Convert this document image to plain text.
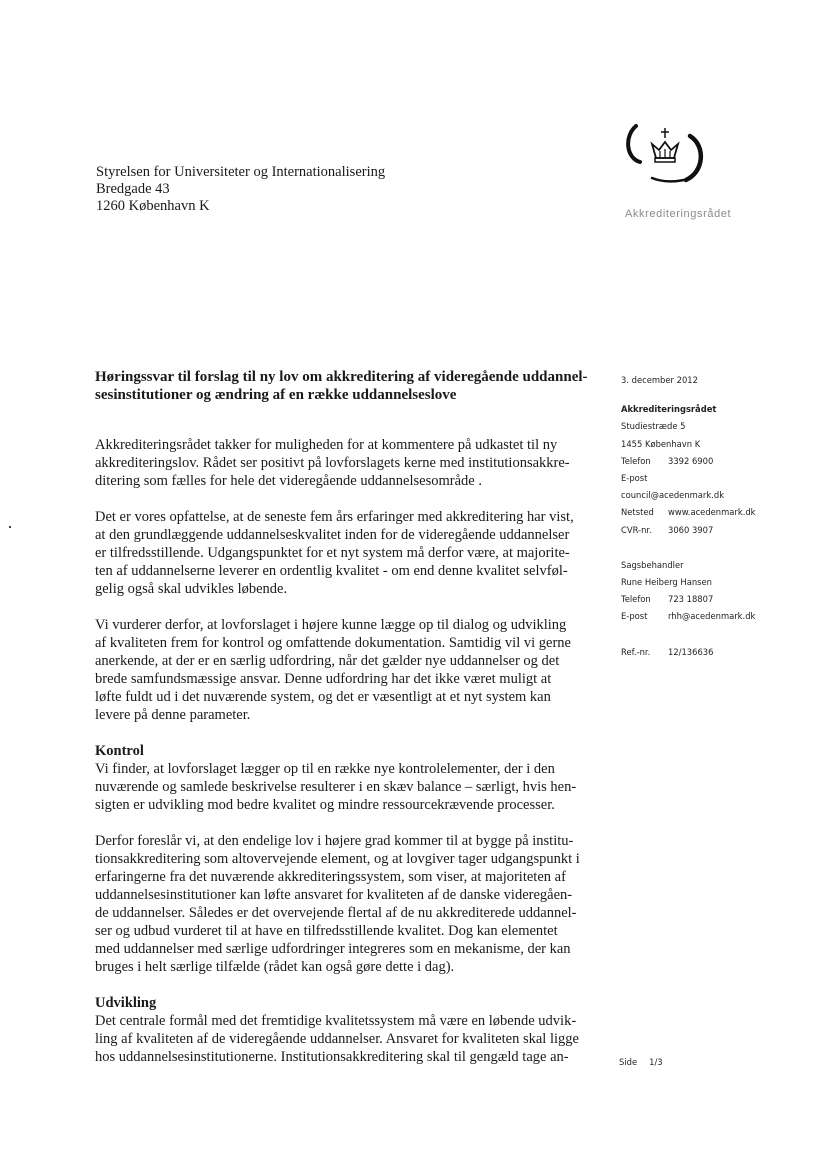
Styrelsen for Universiteter og Internationalisering
Bredgade 43
1260 København K	Akkrediteringsrådet
Høringssvar til forslag til ny lov om akkreditering af videregående uddannel-
sesinstitutioner og ændring af en række uddannelseslove
3. december 2012
Akkrediteringsrådet
Studiestræde 5
1455 København K
Telefon 3392 6900
E-post
council@acedenmark.dk
Netsted www.acedenmark.dk
CVR-nr. 3060 3907
Sagsbehandler
Rune Heiberg Hansen
Telefon 723 18807
E-post rhh@acedenmark.dk
Ref.-nr. 12/136636

Akkrediteringsrådet takker for muligheden for at kommentere på udkastet til ny
akkrediteringslov. Rådet ser positivt på lovforslagets kerne med institutionsakkre-
ditering som fælles for hele det videregående uddannelsesområde .

Det er vores opfattelse, at de seneste fem års erfaringer med akkreditering har vist,
at den grundlæggende uddannelseskvalitet inden for de videregående uddannelser
er tilfredsstillende. Udgangspunktet for et nyt system må derfor være, at majorite-
ten af uddannelserne leverer en ordentlig kvalitet - om end denne kvalitet selvføl-
gelig også skal udvikles løbende.

Vi vurderer derfor, at lovforslaget i højere kunne lægge op til dialog og udvikling
af kvaliteten frem for kontrol og omfattende dokumentation. Samtidig vil vi gerne
anerkende, at der er en særlig udfordring, når det gælder nye uddannelser og det
brede samfundsmæssige ansvar. Denne udfordring har det ikke været muligt at
løfte fuldt ud i det nuværende system, og det er væsentligt at et nyt system kan
levere på denne parameter.

Kontrol

Vi finder, at lovforslaget lægger op til en række nye kontrolelementer, der i den
nuværende og samlede beskrivelse resulterer i en skæv balance – særligt, hvis hen-
sigten er udvikling mod bedre kvalitet og mindre ressourcekrævende processer.

Derfor foreslår vi, at den endelige lov i højere grad kommer til at bygge på institu-
tionsakkreditering som altovervejende element, og at lovgiver tager udgangspunkt i
erfaringerne fra det nuværende akkrediteringssystem, som viser, at majoriteten af
uddannelsesinstitutioner kan løfte ansvaret for kvaliteten af de danske videregåen-
de uddannelser. Således er det overvejende flertal af de nu akkrediterede uddannel-
ser og udbud vurderet til at have en tilfredsstillende kvalitet. Dog kan elementet
med uddannelser med særlige udfordringer integreres som en mekanisme, der kan
bruges i helt særlige tilfælde (rådet kan også gøre dette i dag).

Udvikling

Det centrale formål med det fremtidige kvalitetssystem må være en løbende udvik-
ling af kvaliteten af de videregående uddannelser. Ansvaret for kvaliteten skal ligge
hos uddannelsesinstitutionerne. Institutionsakkreditering skal til gengæld tage an-	Side 1/3
